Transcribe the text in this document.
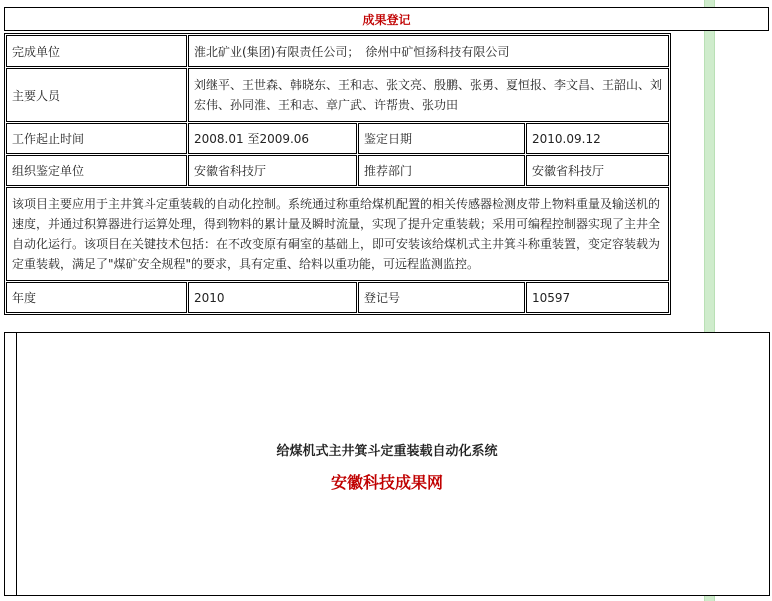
成果登记
完成单位	淮北矿业(集团)有限责任公司；　徐州中矿恒扬科技有限公司		
主要人员	刘继平、王世森、韩晓东、王和志、张文亮、殷鹏、张勇、夏恒报、李文昌、王韶山、刘宏伟、孙同淮、王和志、章广武、许帮贵、张功田		
工作起止时间	2008.01 至2009.06	鉴定日期	2010.09.12
组织鉴定单位	安徽省科技厅	推荐部门	安徽省科技厅
该项目主要应用于主井箕斗定重装载的自动化控制。系统通过称重给煤机配置的相关传感器检测皮带上物料重量及输送机的速度，并通过积算器进行运算处理，得到物料的累计量及瞬时流量，实现了提升定重装载；采用可编程控制器实现了主井全自动化运行。该项目在关键技术包括：在不改变原有硐室的基础上，即可安装该给煤机式主井箕斗称重装置，变定容装载为定重装载，满足了"煤矿安全规程"的要求，具有定重、给料以重功能，可远程监测监控。			
年度	2010	登记号	10597
给煤机式主井箕斗定重装载自动化系统
安徽科技成果网
